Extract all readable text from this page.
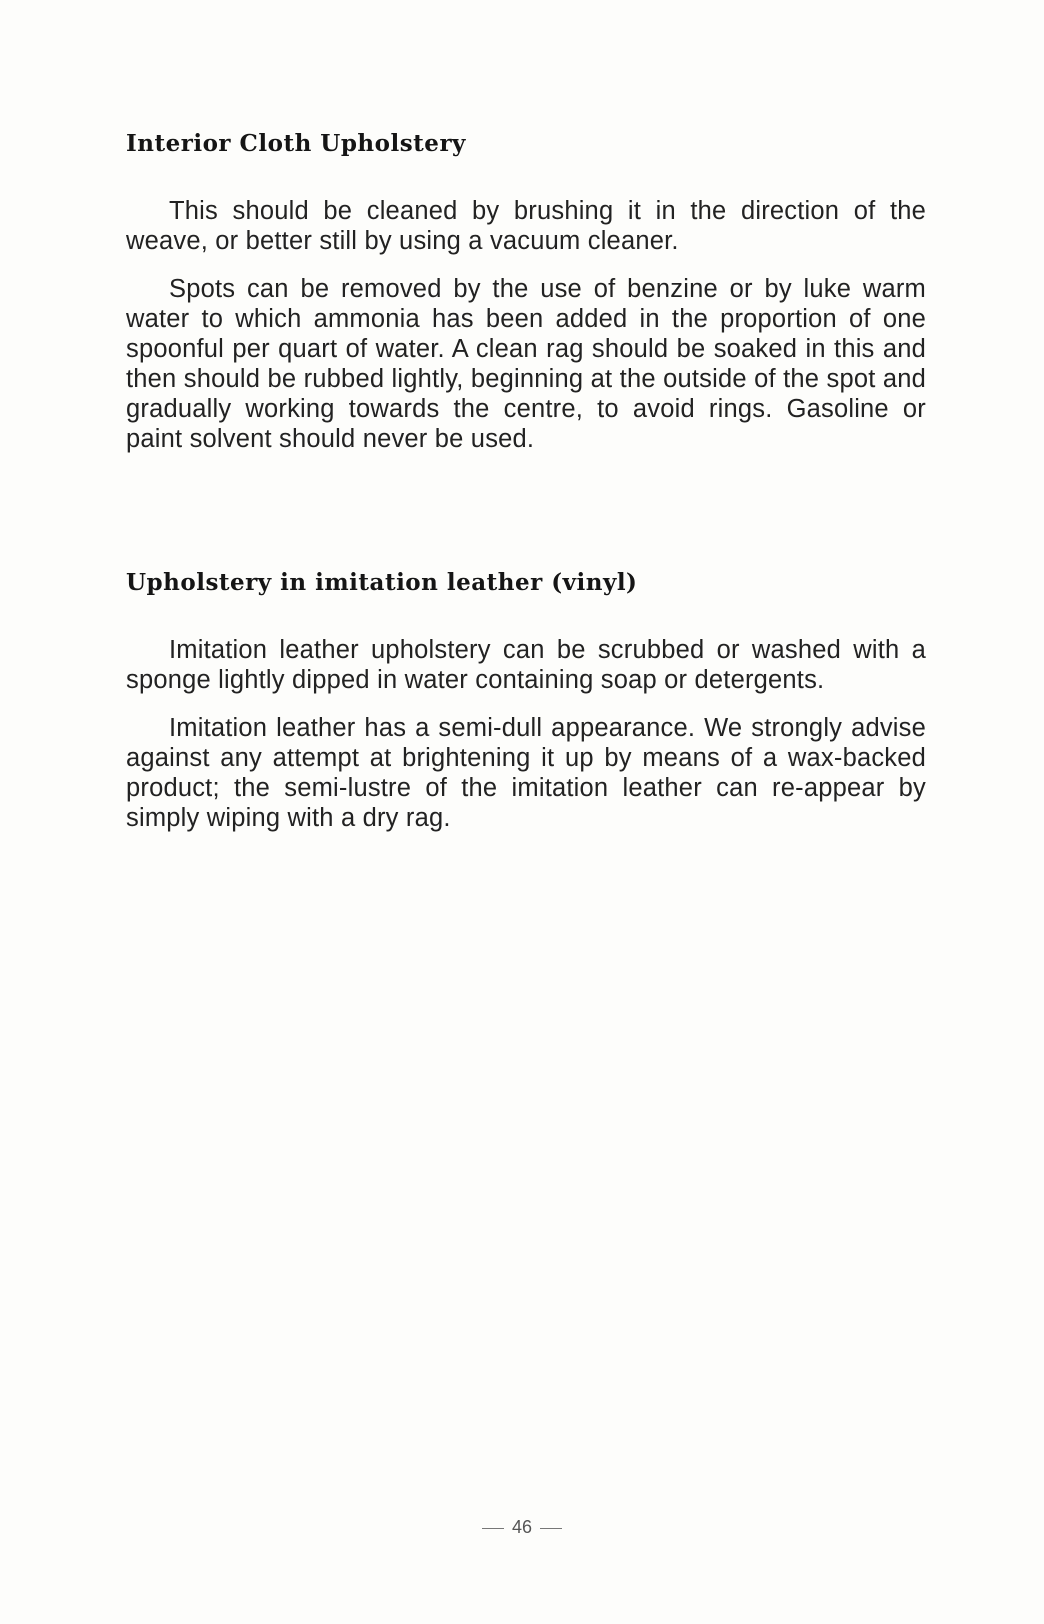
Interior Cloth Upholstery

This should be cleaned by brushing it in the direction of the weave, or better still by using a vacuum cleaner.

Spots can be removed by the use of benzine or by luke warm water to which ammonia has been added in the proportion of one spoonful per quart of water. A clean rag should be soaked in this and then should be rubbed lightly, beginning at the outside of the spot and gradually working towards the centre, to avoid rings. Gasoline or paint solvent should never be used.

Upholstery in imitation leather (vinyl)

Imitation leather upholstery can be scrubbed or washed with a sponge lightly dipped in water containing soap or detergents.

Imitation leather has a semi-dull appearance. We strongly advise against any attempt at brightening it up by means of a wax-backed product; the semi-lustre of the imitation leather can re-appear by simply wiping with a dry rag.

46
